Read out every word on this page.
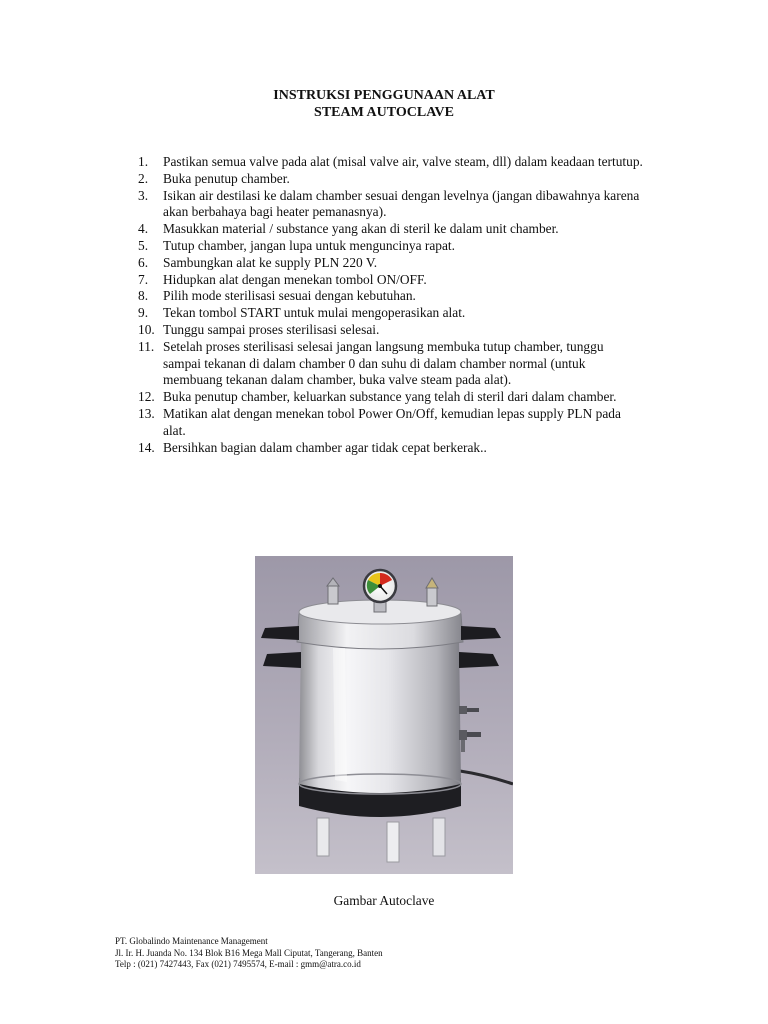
INSTRUKSI PENGGUNAAN ALAT
STEAM AUTOCLAVE
1. Pastikan semua valve pada alat (misal valve air, valve steam, dll) dalam keadaan tertutup.
2. Buka penutup chamber.
3. Isikan air destilasi ke dalam chamber sesuai dengan levelnya (jangan dibawahnya karena akan berbahaya bagi heater pemanasnya).
4. Masukkan material / substance yang akan di steril ke dalam unit chamber.
5. Tutup chamber, jangan lupa untuk menguncinya rapat.
6. Sambungkan alat ke supply PLN 220 V.
7. Hidupkan alat dengan menekan tombol ON/OFF.
8. Pilih mode sterilisasi sesuai dengan kebutuhan.
9. Tekan tombol START untuk mulai mengoperasikan alat.
10. Tunggu sampai proses sterilisasi selesai.
11. Setelah proses sterilisasi selesai jangan langsung membuka tutup chamber, tunggu sampai tekanan di dalam chamber 0 dan suhu di dalam chamber normal (untuk membuang tekanan dalam chamber, buka valve steam pada alat).
12. Buka penutup chamber, keluarkan substance yang telah di steril dari dalam chamber.
13. Matikan alat dengan menekan tobol Power On/Off, kemudian lepas supply PLN pada alat.
14. Bersihkan bagian dalam chamber agar tidak cepat berkerak..
Gambar Autoclave
PT. Globalindo Maintenance Management
Jl. Ir. H. Juanda No. 134 Blok B16 Mega Mall Ciputat, Tangerang, Banten
Telp : (021) 7427443, Fax (021) 7495574, E-mail : gmm@atra.co.id
